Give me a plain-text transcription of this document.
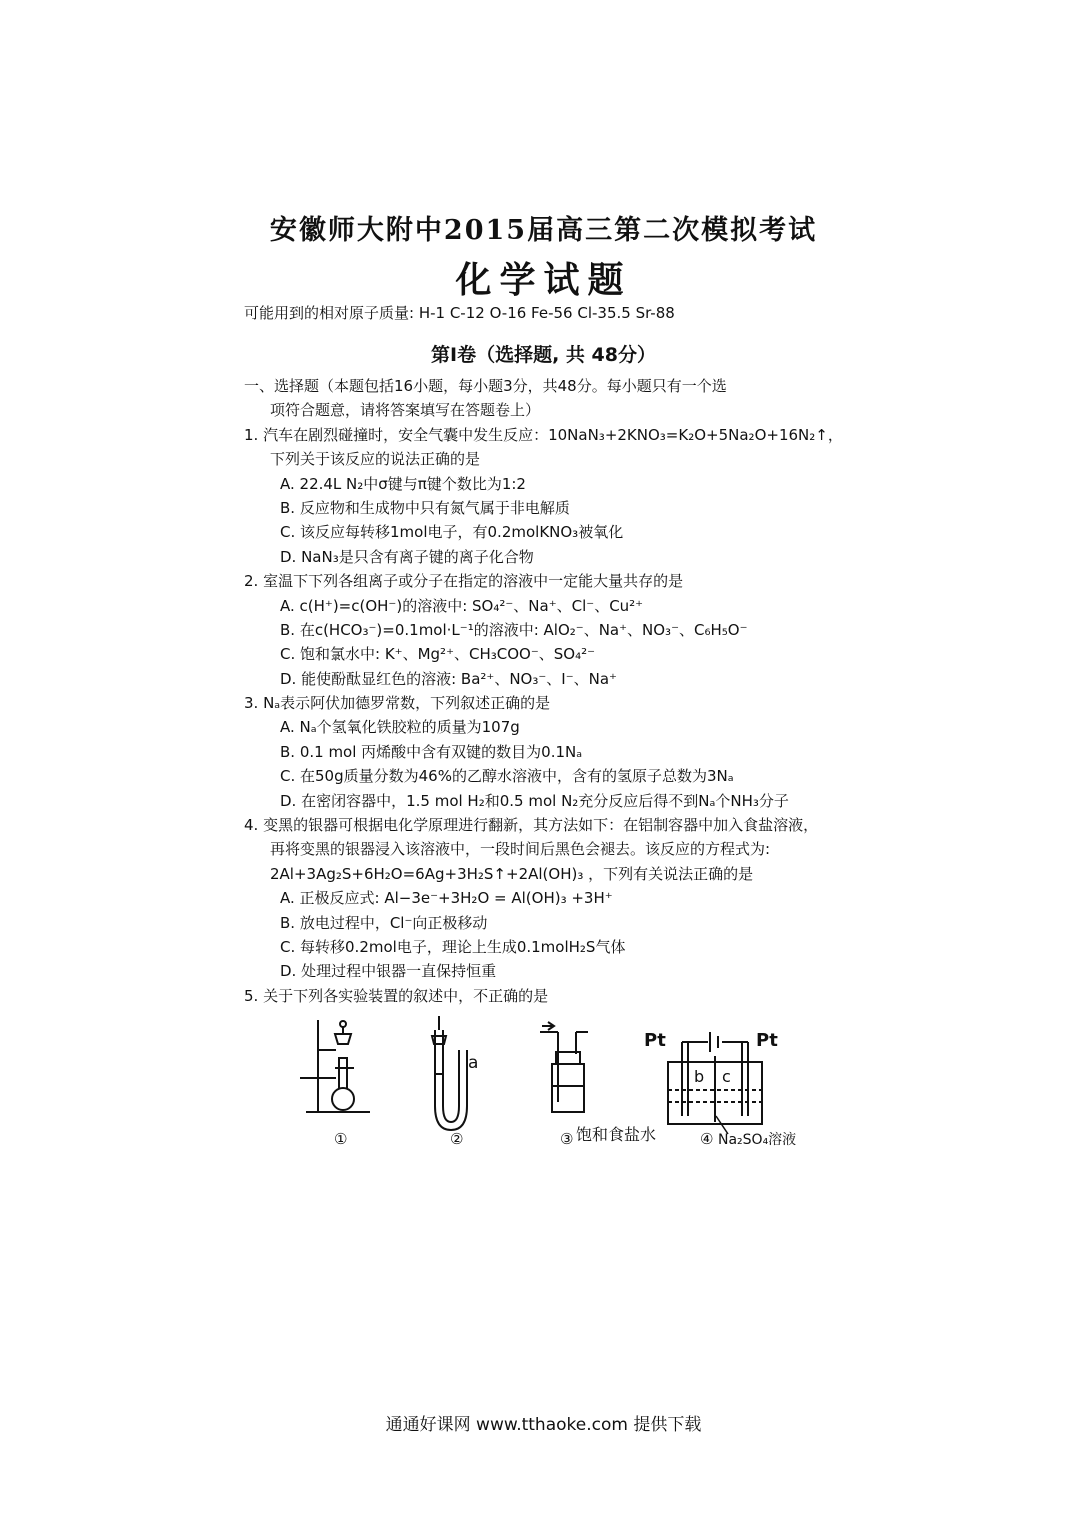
安徽师大附中2015届高三第二次模拟考试
化学试题
可能用到的相对原子质量: H-1 C-12 O-16 Fe-56 Cl-35.5 Sr-88
第I卷（选择题, 共 48分）
一、选择题（本题包括16小题，每小题3分，共48分。每小题只有一个选
项符合题意，请将答案填写在答题卷上）
1. 汽车在剧烈碰撞时，安全气囊中发生反应：10NaN₃+2KNO₃=K₂O+5Na₂O+16N₂↑，
下列关于该反应的说法正确的是
A. 22.4L N₂中σ键与π键个数比为1:2
B. 反应物和生成物中只有氮气属于非电解质
C. 该反应每转移1mol电子，有0.2molKNO₃被氧化
D. NaN₃是只含有离子键的离子化合物
2. 室温下下列各组离子或分子在指定的溶液中一定能大量共存的是
A. c(H⁺)=c(OH⁻)的溶液中: SO₄²⁻、Na⁺、Cl⁻、Cu²⁺
B. 在c(HCO₃⁻)=0.1mol·L⁻¹的溶液中: AlO₂⁻、Na⁺、NO₃⁻、C₆H₅O⁻
C. 饱和氯水中: K⁺、Mg²⁺、CH₃COO⁻、SO₄²⁻
D. 能使酚酞显红色的溶液: Ba²⁺、NO₃⁻、I⁻、Na⁺
3. Nₐ表示阿伏加德罗常数，下列叙述正确的是
A. Nₐ个氢氧化铁胶粒的质量为107g
B. 0.1 mol 丙烯酸中含有双键的数目为0.1Nₐ
C. 在50g质量分数为46%的乙醇水溶液中，含有的氢原子总数为3Nₐ
D. 在密闭容器中，1.5 mol H₂和0.5 mol N₂充分反应后得不到Nₐ个NH₃分子
4. 变黑的银器可根据电化学原理进行翻新，其方法如下：在铝制容器中加入食盐溶液，
再将变黑的银器浸入该溶液中，一段时间后黑色会褪去。该反应的方程式为:
2Al+3Ag₂S+6H₂O=6Ag+3H₂S↑+2Al(OH)₃ ，下列有关说法正确的是
A. 正极反应式: Al−3e⁻+3H₂O = Al(OH)₃ +3H⁺
B. 放电过程中，Cl⁻向正极移动
C. 每转移0.2mol电子，理论上生成0.1molH₂S气体
D. 处理过程中银器一直保持恒重
5. 关于下列各实验装置的叙述中，不正确的是
①	②
a
③ 饱和食盐水
Pt	Pt
b c
④ Na₂SO₄溶液
通通好课网 www.tthaoke.com 提供下载
